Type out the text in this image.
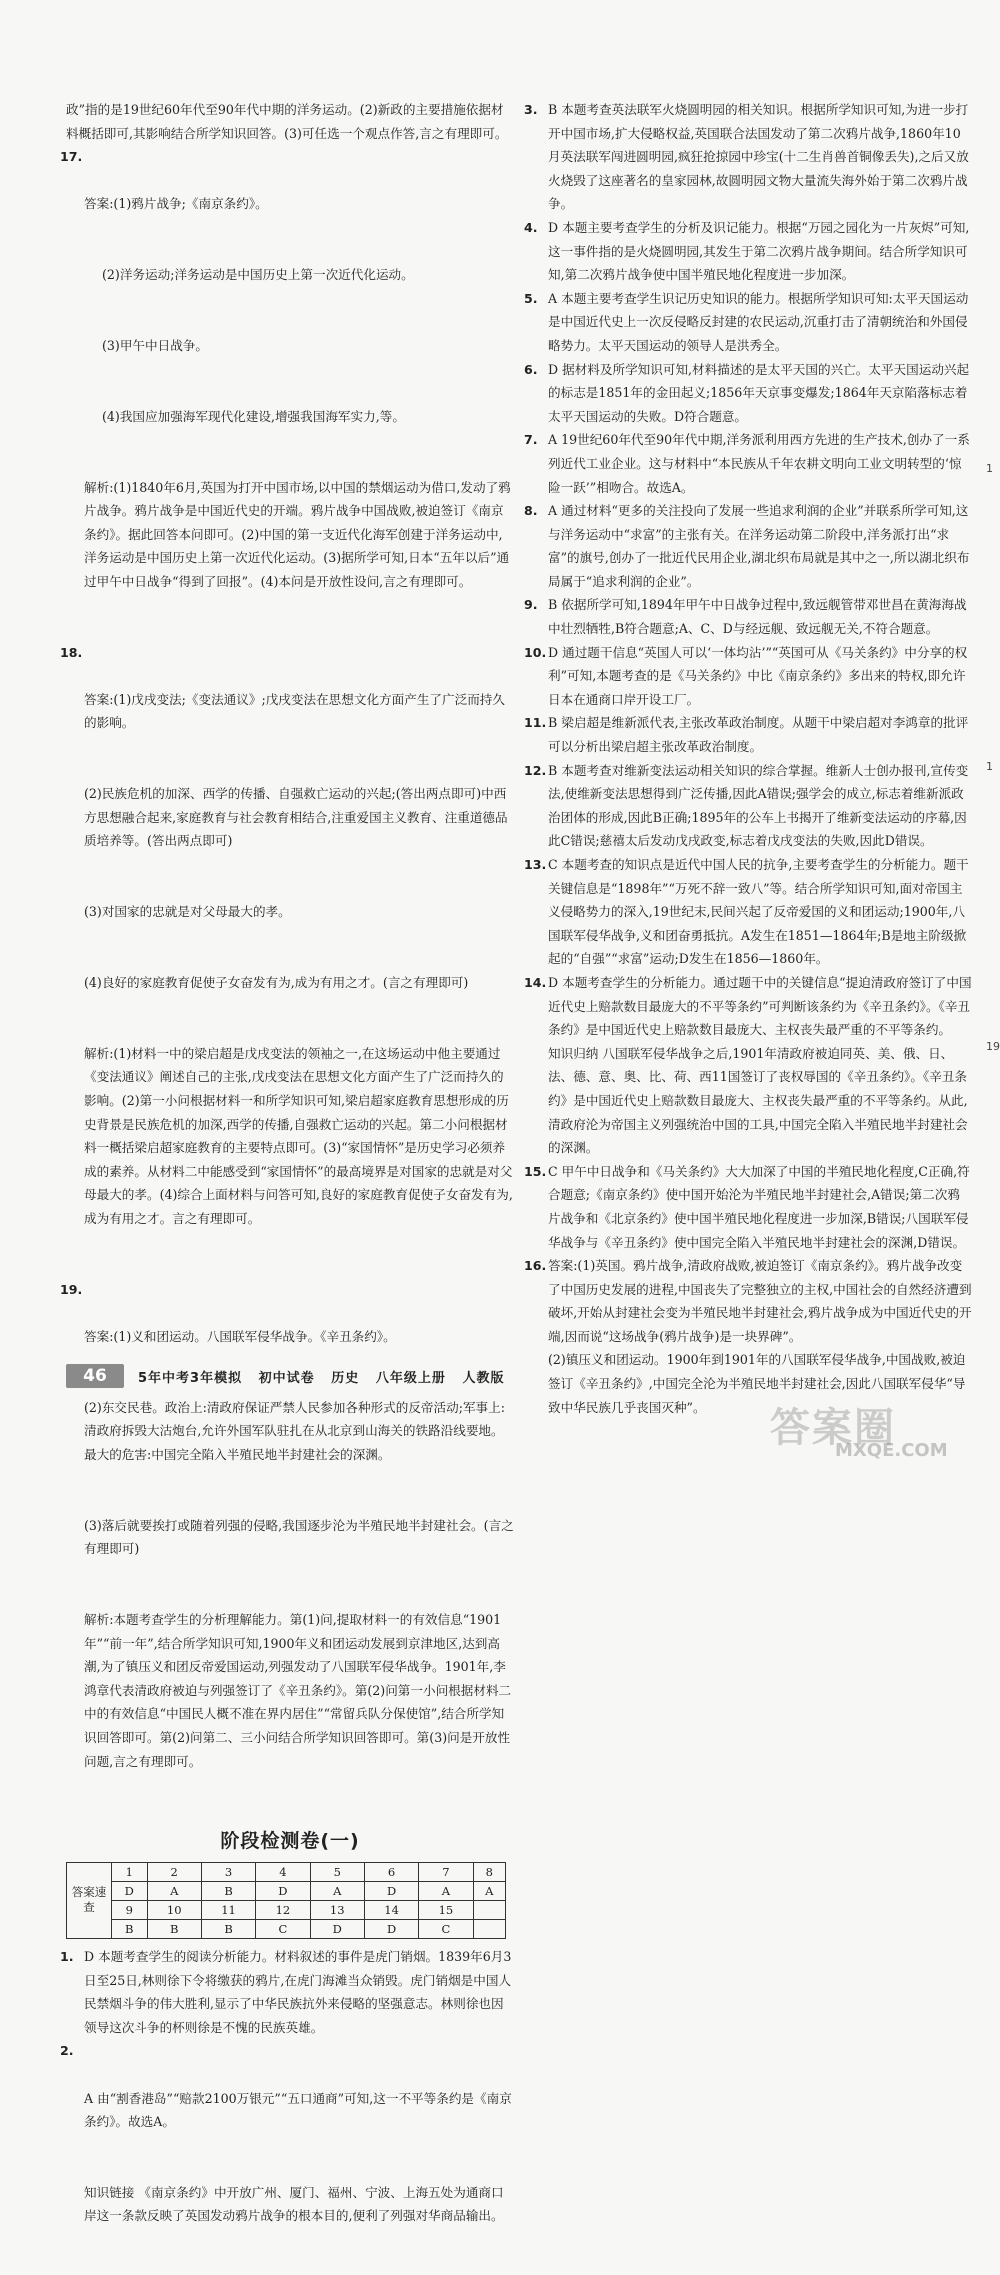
政”指的是19世纪60年代至90年代中期的洋务运动。(2)新政的主要措施依据材料概括即可,其影响结合所学知识回答。(3)可任选一个观点作答,言之有理即可。

17.

答案:(1)鸦片战争;《南京条约》。

(2)洋务运动;洋务运动是中国历史上第一次近代化运动。

(3)甲午中日战争。

(4)我国应加强海军现代化建设,增强我国海军实力,等。

解析:(1)1840年6月,英国为打开中国市场,以中国的禁烟运动为借口,发动了鸦片战争。鸦片战争是中国近代史的开端。鸦片战争中国战败,被迫签订《南京条约》。据此回答本问即可。(2)中国的第一支近代化海军创建于洋务运动中,洋务运动是中国历史上第一次近代化运动。(3)据所学可知,日本“五年以后”通过甲午中日战争“得到了回报”。(4)本问是开放性设问,言之有理即可。

18.

答案:(1)戊戌变法;《变法通议》;戊戌变法在思想文化方面产生了广泛而持久的影响。

(2)民族危机的加深、西学的传播、自强救亡运动的兴起;(答出两点即可)中西方思想融合起来,家庭教育与社会教育相结合,注重爱国主义教育、注重道德品质培养等。(答出两点即可)

(3)对国家的忠就是对父母最大的孝。

(4)良好的家庭教育促使子女奋发有为,成为有用之才。(言之有理即可)

解析:(1)材料一中的梁启超是戊戌变法的领袖之一,在这场运动中他主要通过《变法通议》阐述自己的主张,戊戌变法在思想文化方面产生了广泛而持久的影响。(2)第一小问根据材料一和所学知识可知,梁启超家庭教育思想形成的历史背景是民族危机的加深,西学的传播,自强救亡运动的兴起。第二小问根据材料一概括梁启超家庭教育的主要特点即可。(3)“家国情怀”是历史学习必须养成的素养。从材料二中能感受到“家国情怀”的最高境界是对国家的忠就是对父母最大的孝。(4)综合上面材料与问答可知,良好的家庭教育促使子女奋发有为,成为有用之才。言之有理即可。

19.

答案:(1)义和团运动。八国联军侵华战争。《辛丑条约》。

(2)东交民巷。政治上:清政府保证严禁人民参加各种形式的反帝活动;军事上:清政府拆毁大沽炮台,允许外国军队驻扎在从北京到山海关的铁路沿线要地。最大的危害:中国完全陷入半殖民地半封建社会的深渊。

(3)落后就要挨打或随着列强的侵略,我国逐步沦为半殖民地半封建社会。(言之有理即可)

解析:本题考查学生的分析理解能力。第(1)问,提取材料一的有效信息“1901年”“前一年”,结合所学知识可知,1900年义和团运动发展到京津地区,达到高潮,为了镇压义和团反帝爱国运动,列强发动了八国联军侵华战争。1901年,李鸿章代表清政府被迫与列强签订了《辛丑条约》。第(2)问第一小问根据材料二中的有效信息“中国民人概不准在界内居住”“常留兵队分保使馆”,结合所学知识回答即可。第(2)问第二、三小问结合所学知识回答即可。第(3)问是开放性问题,言之有理即可。

阶段检测卷(一)
答案速查	1	2	3	4	5	6	7	8
	D	A	B	D	A	D	A	A
	9	10	11	12	13	14	15	
	B	B	B	C	D	D	C	
1. D 本题考查学生的阅读分析能力。材料叙述的事件是虎门销烟。1839年6月3日至25日,林则徐下令将缴获的鸦片,在虎门海滩当众销毁。虎门销烟是中国人民禁烟斗争的伟大胜利,显示了中华民族抗外来侵略的坚强意志。林则徐也因领导这次斗争的杯则徐是不愧的民族英雄。
2.

A 由“割香港岛”“赔款2100万银元”“五口通商”可知,这一不平等条约是《南京条约》。故选A。

知识链接 《南京条约》中开放广州、厦门、福州、宁波、上海五处为通商口岸这一条款反映了英国发动鸦片战争的根本目的,便利了列强对华商品输出。

3. B 本题考查英法联军火烧圆明园的相关知识。根据所学知识可知,为进一步打开中国市场,扩大侵略权益,英国联合法国发动了第二次鸦片战争,1860年10月英法联军闯进圆明园,疯狂抢掠园中珍宝(十二生肖兽首铜像丢失),之后又放火烧毁了这座著名的皇家园林,故圆明园文物大量流失海外始于第二次鸦片战争。
4. D 本题主要考查学生的分析及识记能力。根据“万园之园化为一片灰烬”可知,这一事件指的是火烧圆明园,其发生于第二次鸦片战争期间。结合所学知识可知,第二次鸦片战争使中国半殖民地化程度进一步加深。
5. A 本题主要考查学生识记历史知识的能力。根据所学知识可知:太平天国运动是中国近代史上一次反侵略反封建的农民运动,沉重打击了清朝统治和外国侵略势力。太平天国运动的领导人是洪秀全。
6. D 据材料及所学知识可知,材料描述的是太平天国的兴亡。太平天国运动兴起的标志是1851年的金田起义;1856年天京事变爆发;1864年天京陷落标志着太平天国运动的失败。D符合题意。
7. A 19世纪60年代至90年代中期,洋务派利用西方先进的生产技术,创办了一系列近代工业企业。这与材料中“本民族从千年农耕文明向工业文明转型的‘惊险一跃’”相吻合。故选A。
8. A 通过材料“更多的关注投向了发展一些追求利润的企业”并联系所学可知,这与洋务运动中“求富”的主张有关。在洋务运动第二阶段中,洋务派打出“求富”的旗号,创办了一批近代民用企业,湖北织布局就是其中之一,所以湖北织布局属于“追求利润的企业”。
9. B 依据所学可知,1894年甲午中日战争过程中,致远舰管带邓世昌在黄海海战中壮烈牺牲,B符合题意;A、C、D与经远舰、致远舰无关,不符合题意。
10. D 通过题干信息“英国人可以‘一体均沾’”“英国可从《马关条约》中分享的权利”可知,本题考查的是《马关条约》中比《南京条约》多出来的特权,即允许日本在通商口岸开设工厂。
11. B 梁启超是维新派代表,主张改革政治制度。从题干中梁启超对李鸿章的批评可以分析出梁启超主张改革政治制度。
12. B 本题考查对维新变法运动相关知识的综合掌握。维新人士创办报刊,宣传变法,使维新变法思想得到广泛传播,因此A错误;强学会的成立,标志着维新派政治团体的形成,因此B正确;1895年的公车上书揭开了维新变法运动的序幕,因此C错误;慈禧太后发动戊戌政变,标志着戊戌变法的失败,因此D错误。
13. C 本题考查的知识点是近代中国人民的抗争,主要考查学生的分析能力。题干关键信息是“1898年”“万死不辞一致八”等。结合所学知识可知,面对帝国主义侵略势力的深入,19世纪末,民间兴起了反帝爱国的义和团运动;1900年,八国联军侵华战争,义和团奋勇抵抗。A发生在1851—1864年;B是地主阶级掀起的“自强”“求富”运动;D发生在1856—1860年。
14. D 本题考查学生的分析能力。通过题干中的关键信息“提迫清政府签订了中国近代史上赔款数目最庞大的不平等条约”可判断该条约为《辛丑条约》。《辛丑条约》是中国近代史上赔款数目最庞大、主权丧失最严重的不平等条约。
知识归纳 八国联军侵华战争之后,1901年清政府被迫同英、美、俄、日、法、德、意、奥、比、荷、西11国签订了丧权辱国的《辛丑条约》。《辛丑条约》是中国近代史上赔款数目最庞大、主权丧失最严重的不平等条约。从此,清政府沦为帝国主义列强统治中国的工具,中国完全陷入半殖民地半封建社会的深渊。
15. C 甲午中日战争和《马关条约》大大加深了中国的半殖民地化程度,C正确,符合题意;《南京条约》使中国开始沦为半殖民地半封建社会,A错误;第二次鸦片战争和《北京条约》使中国半殖民地化程度进一步加深,B错误;八国联军侵华战争与《辛丑条约》使中国完全陷入半殖民地半封建社会的深渊,D错误。
16. 答案:(1)英国。鸦片战争,清政府战败,被迫签订《南京条约》。鸦片战争改变了中国历史发展的进程,中国丧失了完整独立的主权,中国社会的自然经济遭到破坏,开始从封建社会变为半殖民地半封建社会,鸦片战争成为中国近代史的开端,因而说“这场战争(鸦片战争)是一块界碑”。
(2)镇压义和团运动。1900年到1901年的八国联军侵华战争,中国战败,被迫签订《辛丑条约》,中国完全沦为半殖民地半封建社会,因此八国联军侵华“导致中华民族几乎丧国灭种”。
1
1
19
46	5年中考3年模拟 初中试卷 历史 八年级上册 人教版
答案圈
MXQE.COM
